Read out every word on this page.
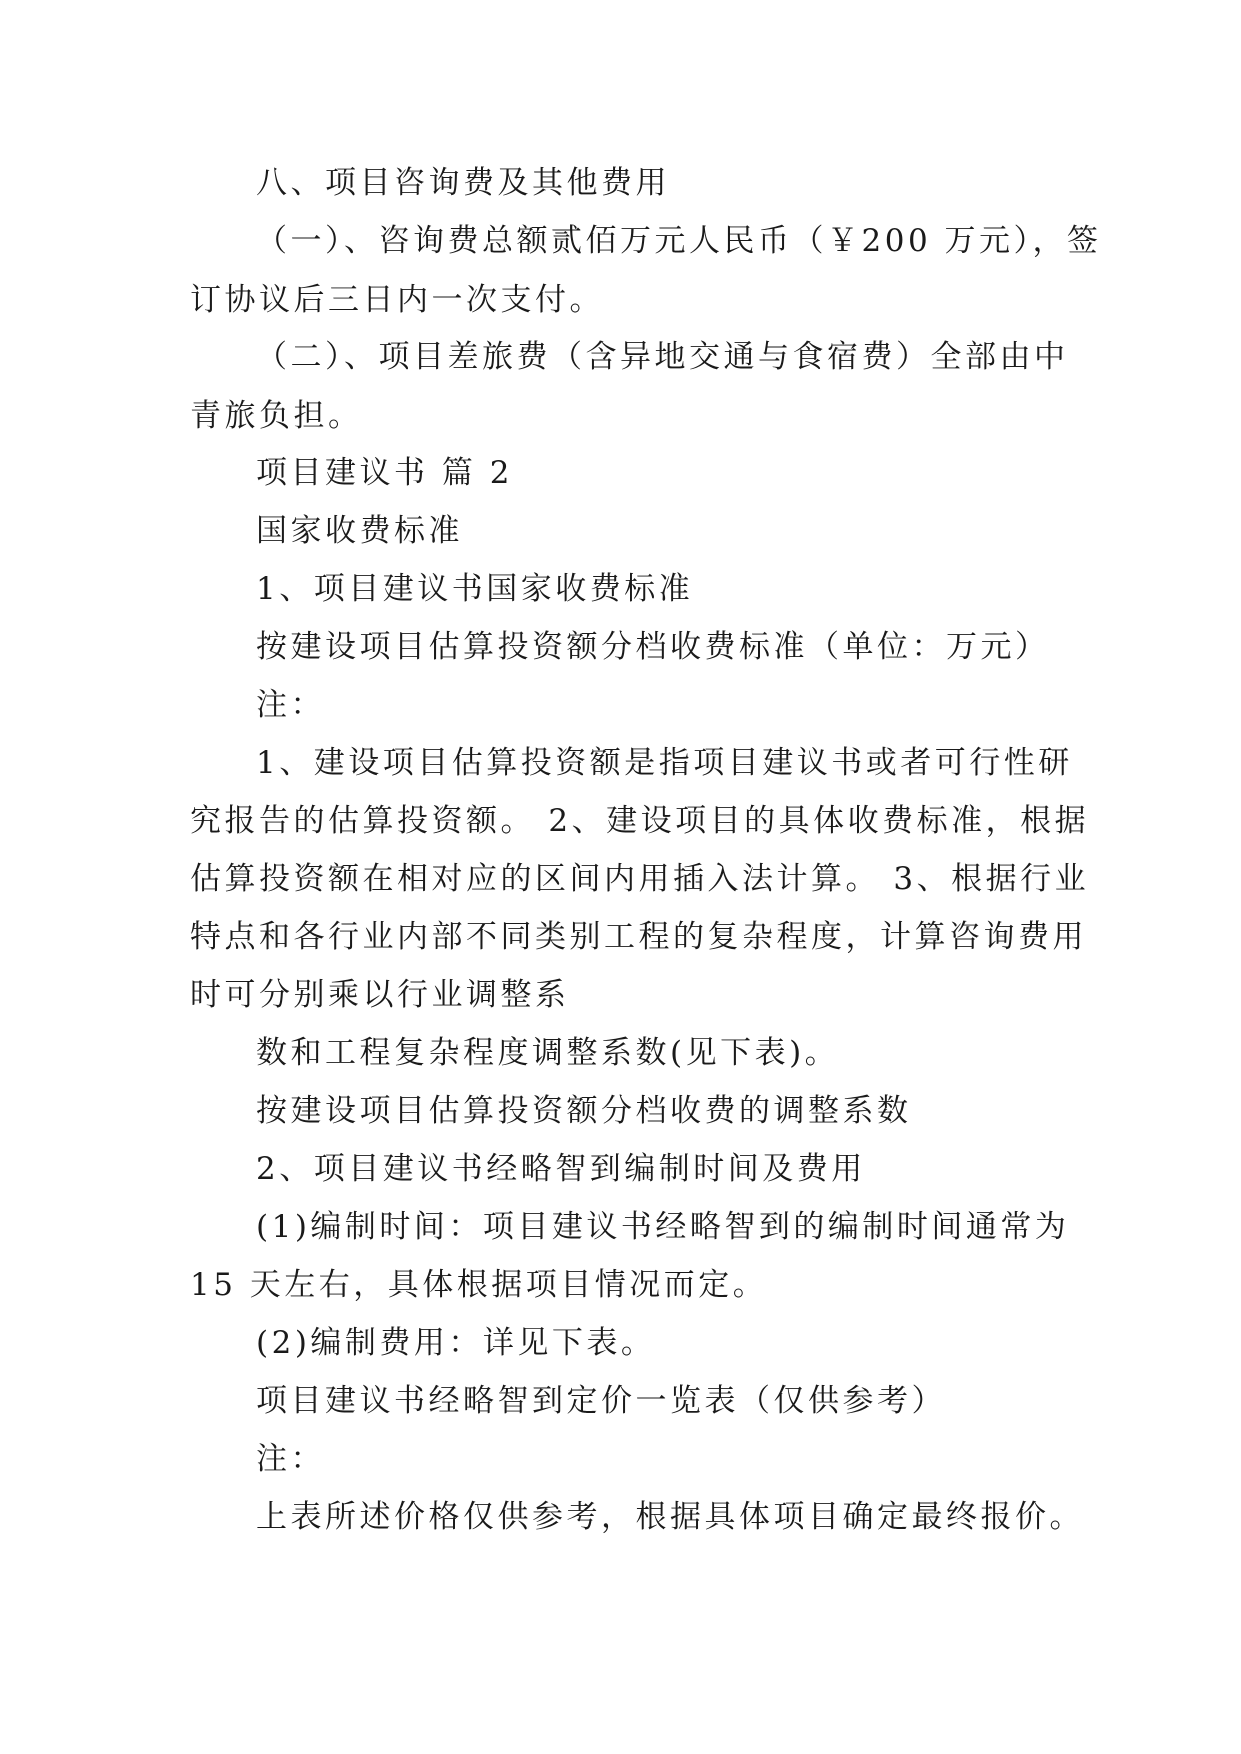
八、项目咨询费及其他费用
（一）、咨询费总额贰佰万元人民币（￥200 万元），签
订协议后三日内一次支付。
（二）、项目差旅费（含异地交通与食宿费）全部由中
青旅负担。
项目建议书 篇 2
国家收费标准
1、项目建议书国家收费标准
按建设项目估算投资额分档收费标准（单位：万元）
注：
1、建设项目估算投资额是指项目建议书或者可行性研
究报告的估算投资额。 2、建设项目的具体收费标准，根据
估算投资额在相对应的区间内用插入法计算。 3、根据行业
特点和各行业内部不同类别工程的复杂程度，计算咨询费用
时可分别乘以行业调整系
数和工程复杂程度调整系数(见下表)。
按建设项目估算投资额分档收费的调整系数
2、项目建议书经略智到编制时间及费用
(1)编制时间：项目建议书经略智到的编制时间通常为
15 天左右，具体根据项目情况而定。
(2)编制费用：详见下表。
项目建议书经略智到定价一览表（仅供参考）
注：
上表所述价格仅供参考，根据具体项目确定最终报价。
